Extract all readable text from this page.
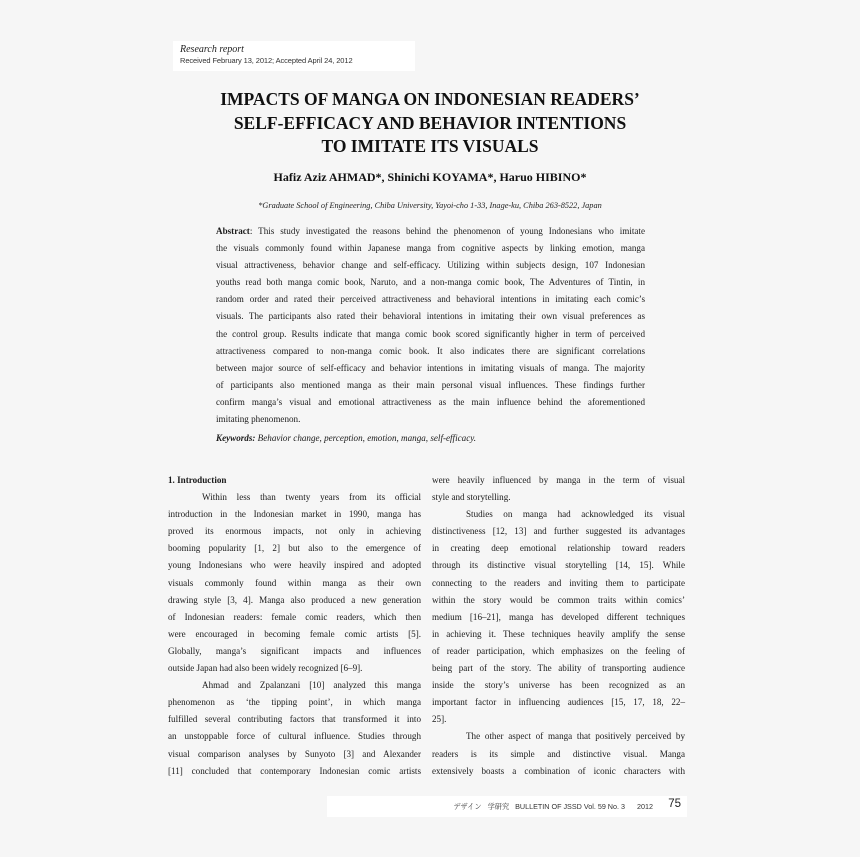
Research report
Received February 13, 2012; Accepted April 24, 2012
IMPACTS OF MANGA ON INDONESIAN READERS’
SELF-EFFICACY AND BEHAVIOR INTENTIONS
TO IMITATE ITS VISUALS
Hafiz Aziz AHMAD*, Shinichi KOYAMA*, Haruo HIBINO*
*Graduate School of Engineering, Chiba University, Yayoi-cho 1-33, Inage-ku, Chiba 263-8522, Japan
Abstract: This study investigated the reasons behind the phenomenon of young Indonesians who imitate
the visuals commonly found within Japanese manga from cognitive aspects by linking emotion, manga
visual attractiveness, behavior change and self-efficacy. Utilizing within subjects design, 107 Indonesian
youths read both manga comic book, Naruto, and a non-manga comic book, The Adventures of Tintin, in
random order and rated their perceived attractiveness and behavioral intentions in imitating each comic’s
visuals. The participants also rated their behavioral intentions in imitating their own visual preferences as
the control group. Results indicate that manga comic book scored significantly higher in term of perceived
attractiveness compared to non-manga comic book. It also indicates there are significant correlations
between major source of self-efficacy and behavior intentions in imitating visuals of manga. The majority
of participants also mentioned manga as their main personal visual influences. These findings further
confirm manga’s visual and emotional attractiveness as the main influence behind the aforementioned
imitating phenomenon.
Keywords: Behavior change, perception, emotion, manga, self-efficacy.
1. Introduction
Within less than twenty years from its official
introduction in the Indonesian market in 1990, manga has
proved its enormous impacts, not only in achieving
booming popularity [1, 2] but also to the emergence of
young Indonesians who were heavily inspired and adopted
visuals commonly found within manga as their own
drawing style [3, 4]. Manga also produced a new generation
of Indonesian readers: female comic readers, which then
were encouraged in becoming female comic artists [5].
Globally, manga’s significant impacts and influences
outside Japan had also been widely recognized [6–9].
Ahmad and Zpalanzani [10] analyzed this manga
phenomenon as ‘the tipping point’, in which manga
fulfilled several contributing factors that transformed it into
an unstoppable force of cultural influence. Studies through
visual comparison analyses by Sunyoto [3] and Alexander
[11] concluded that contemporary Indonesian comic artists
were heavily influenced by manga in the term of visual
style and storytelling.
Studies on manga had acknowledged its visual
distinctiveness [12, 13] and further suggested its advantages
in creating deep emotional relationship toward readers
through its distinctive visual storytelling [14, 15]. While
connecting to the readers and inviting them to participate
within the story would be common traits within comics’
medium [16–21], manga has developed different techniques
in achieving it. These techniques heavily amplify the sense
of reader participation, which emphasizes on the feeling of
being part of the story. The ability of transporting audience
inside the story’s universe has been recognized as an
important factor in influencing audiences [15, 17, 18, 22–
25].
The other aspect of manga that positively perceived by
readers is its simple and distinctive visual. Manga
extensively boasts a combination of iconic characters with
デザイン 学研究 BULLETIN OF JSSD Vol. 59 No. 3 2012 75
